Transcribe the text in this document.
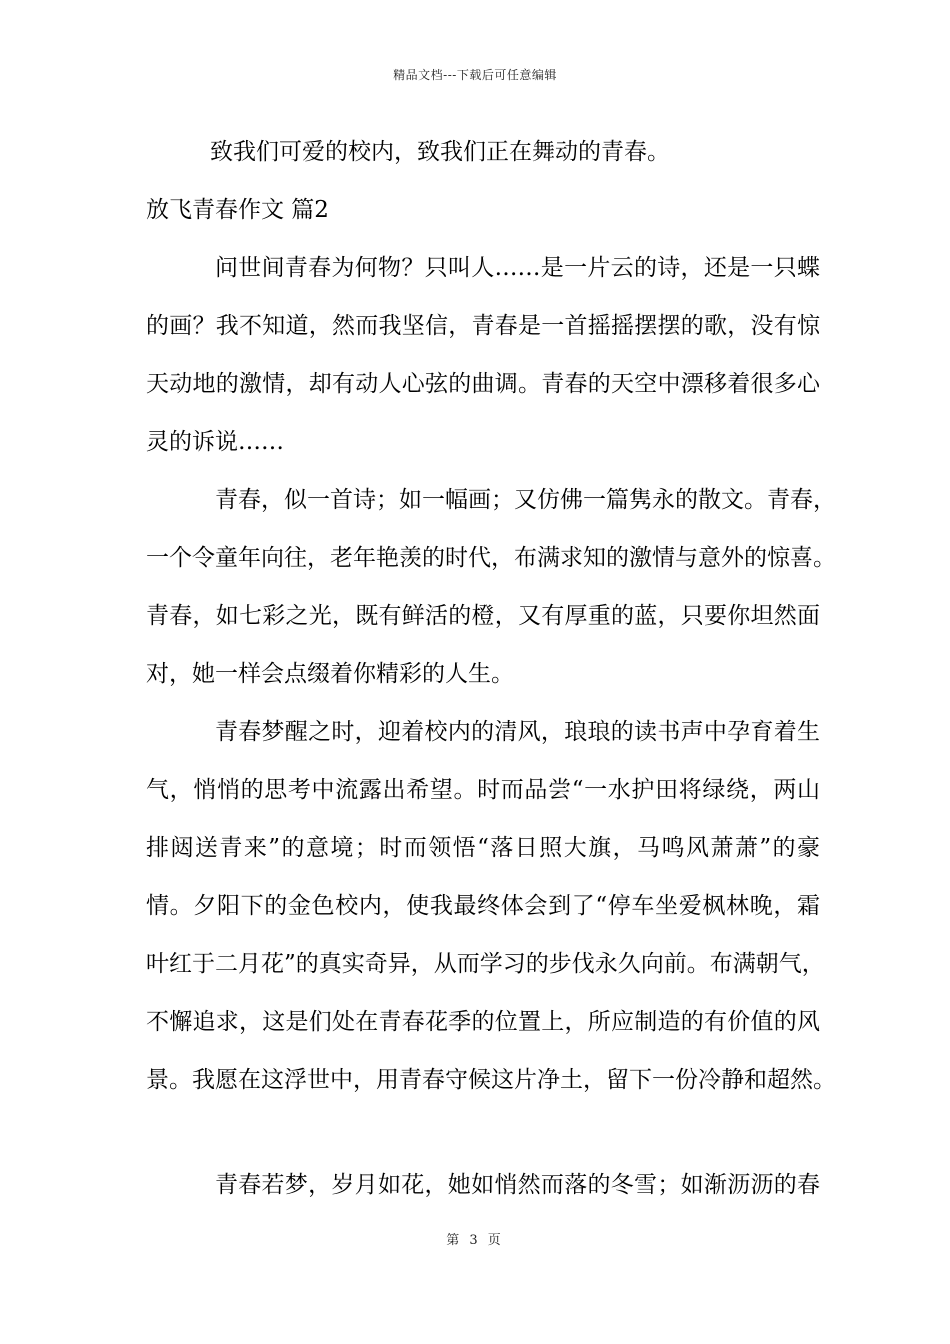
精品文档---下载后可任意编辑
致我们可爱的校内，致我们正在舞动的青春。
放飞青春作文 篇2
问世间青春为何物？只叫人……是一片云的诗，还是一只蝶
的画？我不知道，然而我坚信，青春是一首摇摇摆摆的歌，没有惊
天动地的激情，却有动人心弦的曲调。青春的天空中漂移着很多心
灵的诉说……
青春，似一首诗；如一幅画；又仿佛一篇隽永的散文。青春，
一个令童年向往，老年艳羡的时代，布满求知的激情与意外的惊喜。
青春，如七彩之光，既有鲜活的橙，又有厚重的蓝，只要你坦然面
对，她一样会点缀着你精彩的人生。
青春梦醒之时，迎着校内的清风，琅琅的读书声中孕育着生
气，悄悄的思考中流露出希望。时而品尝“一水护田将绿绕，两山
排闼送青来”的意境；时而领悟“落日照大旗，马鸣风萧萧”的豪
情。夕阳下的金色校内，使我最终体会到了“停车坐爱枫林晚，霜
叶红于二月花”的真实奇异，从而学习的步伐永久向前。布满朝气，
不懈追求，这是们处在青春花季的位置上，所应制造的有价值的风
景。我愿在这浮世中，用青春守候这片净土，留下一份冷静和超然。
青春若梦，岁月如花，她如悄然而落的冬雪；如渐沥沥的春
第 3 页
